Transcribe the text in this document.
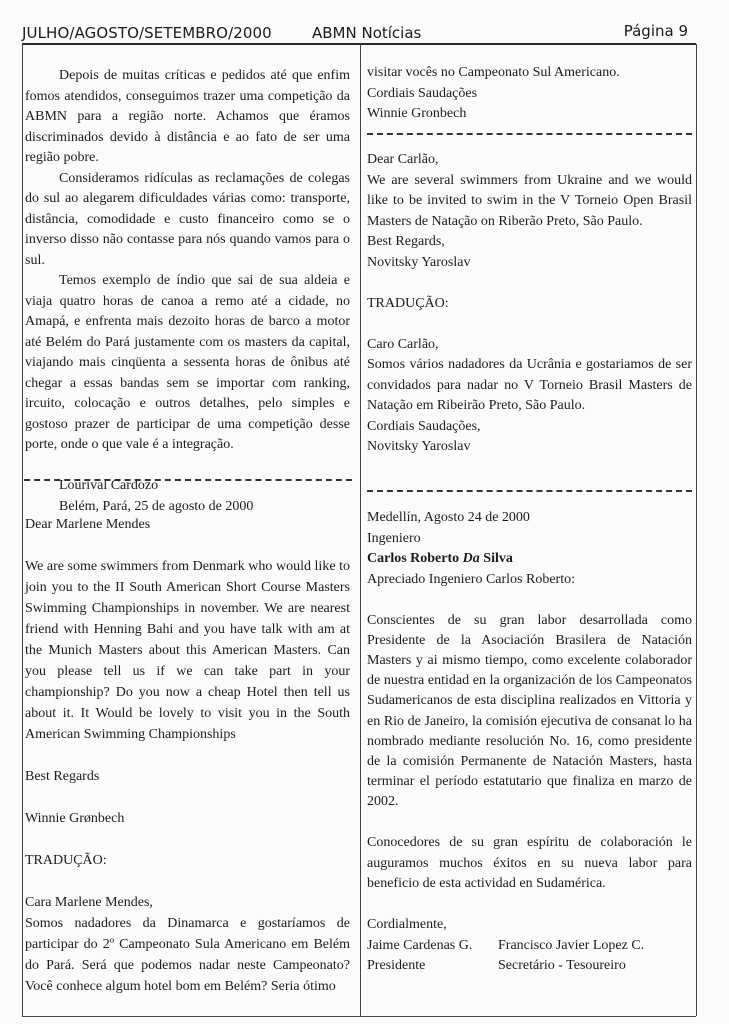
JULHO/AGOSTO/SETEMBRO/2000	ABMN Notícias	Página 9

Depois de muitas críticas e pedidos até que enfim fomos atendidos, conseguimos trazer uma competição da ABMN para a região norte. Achamos que éramos discriminados devido à distância e ao fato de ser uma região pobre.

Consideramos ridículas as reclamações de colegas do sul ao alegarem dificuldades várias como: transporte, distância, comodidade e custo financeiro como se o inverso disso não contasse para nós quando vamos para o sul.

Temos exemplo de índio que sai de sua aldeia e viaja quatro horas de canoa a remo até a cidade, no Amapá, e enfrenta mais dezoito horas de barco a motor até Belém do Pará justamente com os masters da capital, viajando mais cinqüenta a sessenta horas de ônibus até chegar a essas bandas sem se importar com ranking, ircuito, colocação e outros detalhes, pelo simples e gostoso prazer de participar de uma competição desse porte, onde o que vale é a integração.

Lourival Cardozo

Belém, Pará, 25 de agosto de 2000

Dear Marlene Mendes

We are some swimmers from Denmark who would like to join you to the II South American Short Course Masters Swimming Championships in november. We are nearest friend with Henning Bahi and you have talk with am at the Munich Masters about this American Masters. Can you please tell us if we can take part in your championship? Do you now a cheap Hotel then tell us about it. It Would be lovely to visit you in the South American Swimming Championships

Best Regards

Winnie Grønbech

TRADUÇÃO:

Cara Marlene Mendes,

Somos nadadores da Dinamarca e gostaríamos de participar do 2º Campeonato Sula Americano em Belém do Pará. Será que podemos nadar neste Campeonato? Você conhece algum hotel bom em Belém? Seria ótimo

visitar vocês no Campeonato Sul Americano.

Cordiais Saudações

Winnie Gronbech

Dear Carlão,

We are several swimmers from Ukraine and we would like to be invited to swim in the V Torneio Open Brasil Masters de Natação on Riberão Preto, São Paulo.

Best Regards,

Novitsky Yaroslav

TRADUÇÃO:

Caro Carlão,

Somos vários nadadores da Ucrânia e gostariamos de ser convidados para nadar no V Torneio Brasil Masters de Natação em Ribeirão Preto, São Paulo.

Cordiais Saudações,

Novitsky Yaroslav

Medellín, Agosto 24 de 2000

Ingeniero

Carlos Roberto Da Silva

Apreciado Ingeniero Carlos Roberto:

Conscientes de su gran labor desarrollada como Presidente de la Asociación Brasilera de Natación Masters y ai mismo tiempo, como excelente colaborador de nuestra entidad en la organización de los Campeonatos Sudamericanos de esta disciplina realizados en Vittoria y en Rio de Janeiro, la comisión ejecutiva de consanat lo ha nombrado mediante resolución No. 16, como presidente de la comisión Permanente de Natación Masters, hasta terminar el período estatutario que finaliza en marzo de 2002.

Conocedores de su gran espíritu de colaboración le auguramos muchos éxitos en su nueva labor para beneficio de esta actividad en Sudamérica.

Cordialmente,

Jaime Cardenas G.	Francisco Javier Lopez C.
Presidente	Secretário - Tesoureiro
